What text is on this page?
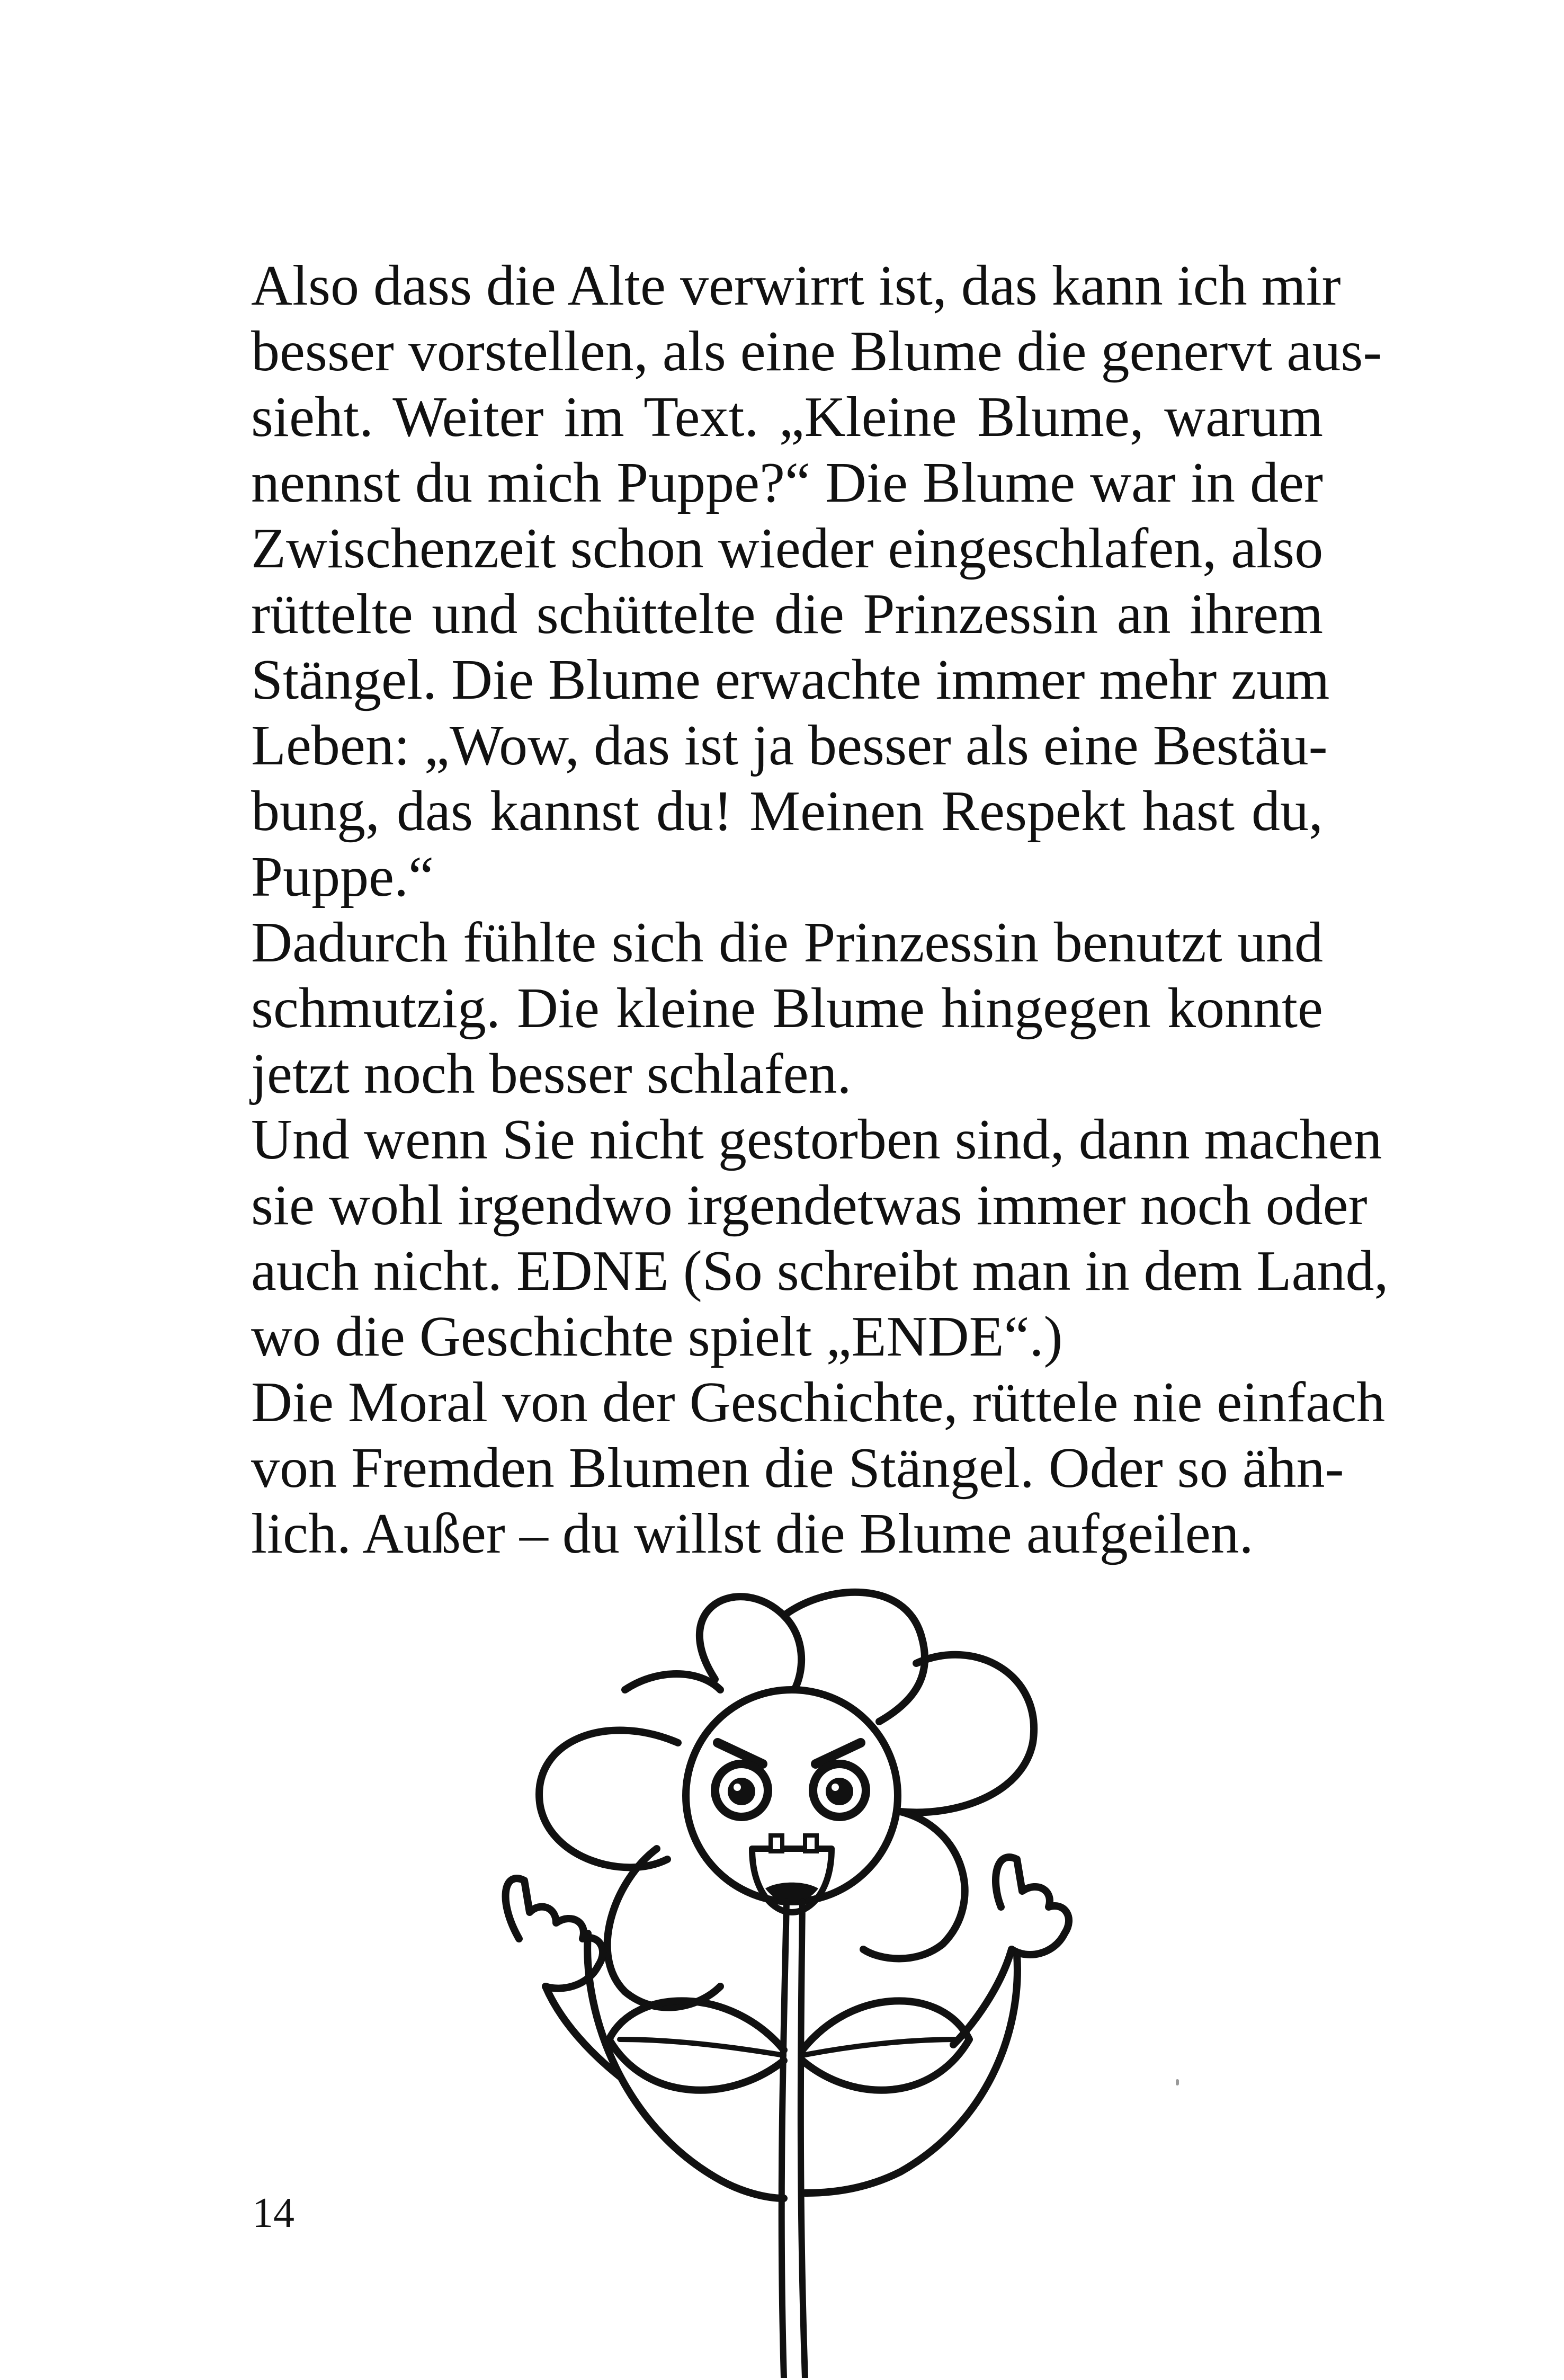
Also dass die Alte verwirrt ist, das kann ich mir
besser vorstellen, als eine Blume die genervt aus-
sieht. Weiter im Text. „Kleine Blume, warum
nennst du mich Puppe?“ Die Blume war in der
Zwischenzeit schon wieder eingeschlafen, also
rüttelte und schüttelte die Prinzessin an ihrem
Stängel. Die Blume erwachte immer mehr zum
Leben: „Wow, das ist ja besser als eine Bestäu-
bung, das kannst du! Meinen Respekt hast du,
Puppe.“

Dadurch fühlte sich die Prinzessin benutzt und
schmutzig. Die kleine Blume hingegen konnte
jetzt noch besser schlafen.

Und wenn Sie nicht gestorben sind, dann machen
sie wohl irgendwo irgendetwas immer noch oder
auch nicht. EDNE (So schreibt man in dem Land,
wo die Geschichte spielt „ENDE“.)

Die Moral von der Geschichte, rüttele nie einfach
von Fremden Blumen die Stängel. Oder so ähn-
lich. Außer – du willst die Blume aufgeilen.

14
